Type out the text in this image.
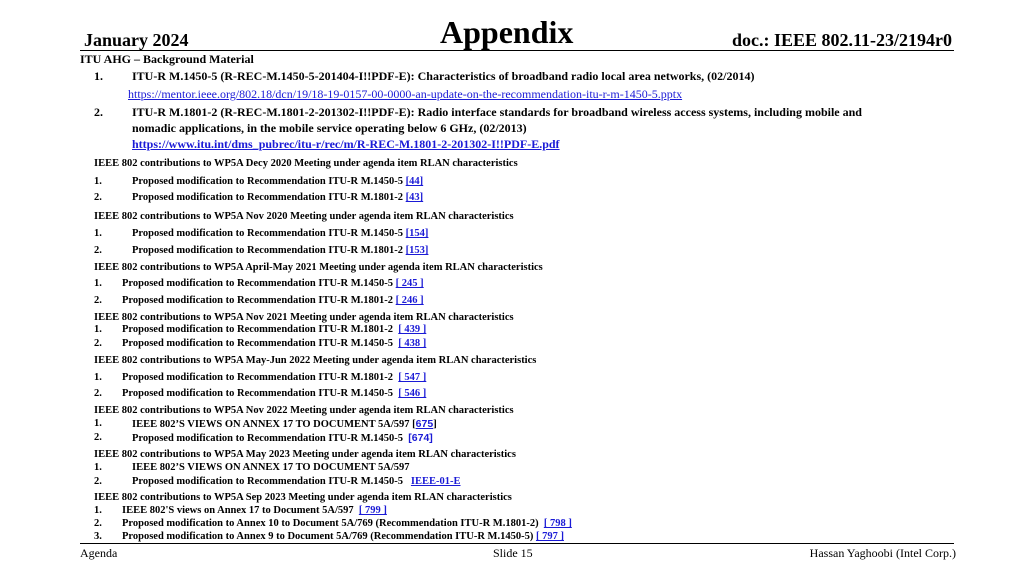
January 2024	Appendix	doc.: IEEE 802.11-23/2194r0
ITU AHG – Background Material
1. ITU-R M.1450-5 (R-REC-M.1450-5-201404-I!!PDF-E): Characteristics of broadband radio local area networks, (02/2014)
https://mentor.ieee.org/802.18/dcn/19/18-19-0157-00-0000-an-update-on-the-recommendation-itu-r-m-1450-5.pptx
2. ITU-R M.1801-2 (R-REC-M.1801-2-201302-I!!PDF-E): Radio interface standards for broadband wireless access systems, including mobile and
nomadic applications, in the mobile service operating below 6 GHz, (02/2013)
https://www.itu.int/dms_pubrec/itu-r/rec/m/R-REC-M.1801-2-201302-I!!PDF-E.pdf
IEEE 802 contributions to WP5A Decy 2020 Meeting under agenda item RLAN characteristics
1.	Proposed modification to Recommendation ITU-R M.1450-5 [44]
2.	Proposed modification to Recommendation ITU-R M.1801-2 [43]
IEEE 802 contributions to WP5A Nov 2020 Meeting under agenda item RLAN characteristics
1.	Proposed modification to Recommendation ITU-R M.1450-5 [154]
2.	Proposed modification to Recommendation ITU-R M.1801-2 [153]
IEEE 802 contributions to WP5A April-May 2021 Meeting under agenda item RLAN characteristics
1. Proposed modification to Recommendation ITU-R M.1450-5 [ 245 ]
2. Proposed modification to Recommendation ITU-R M.1801-2 [ 246 ]
IEEE 802 contributions to WP5A Nov 2021 Meeting under agenda item RLAN characteristics
1. Proposed modification to Recommendation ITU-R M.1801-2 [ 439 ]
2. Proposed modification to Recommendation ITU-R M.1450-5 [ 438 ]
IEEE 802 contributions to WP5A May-Jun 2022 Meeting under agenda item RLAN characteristics
1. Proposed modification to Recommendation ITU-R M.1801-2 [ 547 ]
2. Proposed modification to Recommendation ITU-R M.1450-5 [ 546 ]
IEEE 802 contributions to WP5A Nov 2022 Meeting under agenda item RLAN characteristics
1.	IEEE 802’S VIEWS ON ANNEX 17 TO DOCUMENT 5A/597 [675]
2.	Proposed modification to Recommendation ITU-R M.1450-5 [674]
IEEE 802 contributions to WP5A May 2023 Meeting under agenda item RLAN characteristics
1.	IEEE 802’S VIEWS ON ANNEX 17 TO DOCUMENT 5A/597
2.	Proposed modification to Recommendation ITU-R M.1450-5 IEEE-01-E
IEEE 802 contributions to WP5A Sep 2023 Meeting under agenda item RLAN characteristics
1. IEEE 802'S views on Annex 17 to Document 5A/597 [ 799 ]
2. Proposed modification to Annex 10 to Document 5A/769 (Recommendation ITU-R M.1801-2) [ 798 ]
3. Proposed modification to Annex 9 to Document 5A/769 (Recommendation ITU-R M.1450-5) [ 797 ]
Agenda	Slide 15	Hassan Yaghoobi (Intel Corp.)
